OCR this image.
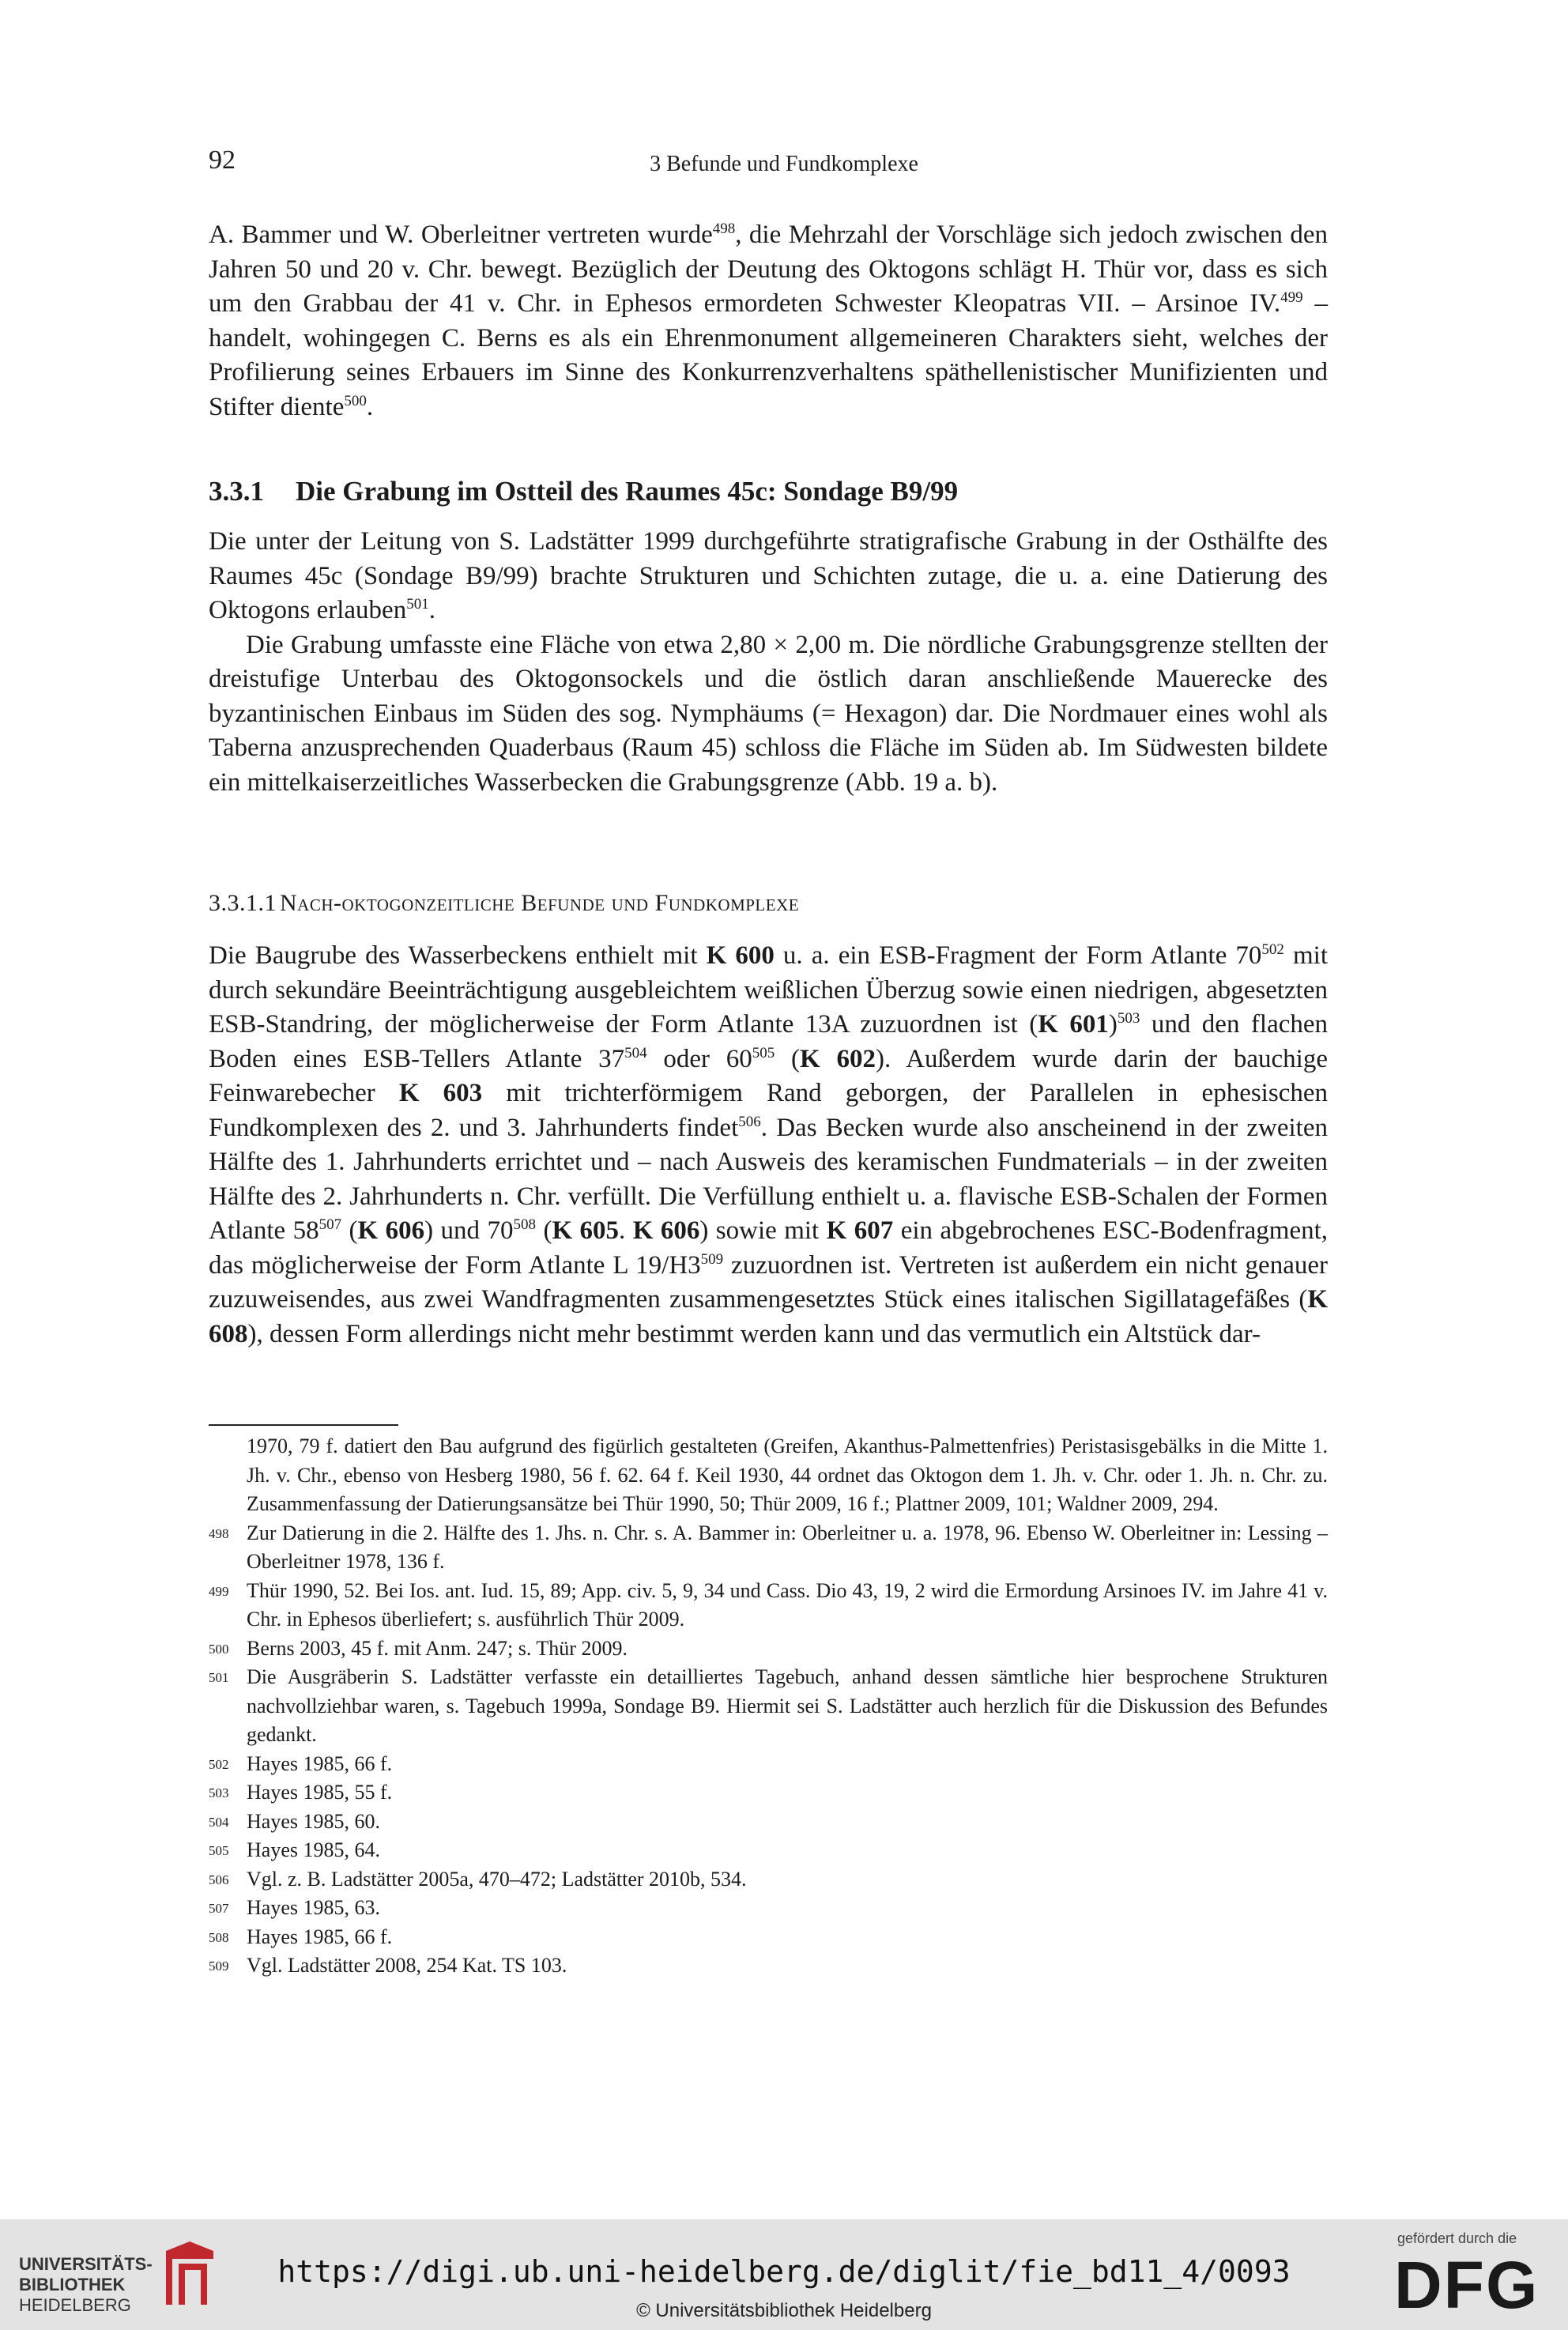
92	3 Befunde und Fundkomplexe
A. Bammer und W. Oberleitner vertreten wurde$^{498}$, die Mehrzahl der Vorschläge sich jedoch zwischen den Jahren 50 und 20 v. Chr. bewegt. Bezüglich der Deutung des Oktogons schlägt H. Thür vor, dass es sich um den Grabbau der 41 v. Chr. in Ephesos ermordeten Schwester Kleopatras VII. – Arsinoe IV.$^{499}$ – handelt, wohingegen C. Berns es als ein Ehrenmonument allgemeineren Charakters sieht, welches der Profilierung seines Erbauers im Sinne des Konkurrenzverhaltens späthellenistischer Munifizienten und Stifter diente$^{500}$.
3.3.1 Die Grabung im Ostteil des Raumes 45c: Sondage B9/99

Die unter der Leitung von S. Ladstätter 1999 durchgeführte stratigrafische Grabung in der Osthälfte des Raumes 45c (Sondage B9/99) brachte Strukturen und Schichten zutage, die u. a. eine Datierung des Oktogons erlauben$^{501}$.

Die Grabung umfasste eine Fläche von etwa 2,80 × 2,00 m. Die nördliche Grabungsgrenze stellten der dreistufige Unterbau des Oktogonsockels und die östlich daran anschließende Mauerecke des byzantinischen Einbaus im Süden des sog. Nymphäums (= Hexagon) dar. Die Nordmauer eines wohl als Taberna anzusprechenden Quaderbaus (Raum 45) schloss die Fläche im Süden ab. Im Südwesten bildete ein mittelkaiserzeitliches Wasserbecken die Grabungsgrenze (Abb. 19 a. b).

3.3.1.1 Nach-oktogonzeitliche Befunde und Fundkomplexe
Die Baugrube des Wasserbeckens enthielt mit K 600 u. a. ein ESB-Fragment der Form Atlante $70^{502}$ mit durch sekundäre Beeinträchtigung ausgebleichtem weißlichen Überzug sowie einen niedrigen, abgesetzten ESB-Standring, der möglicherweise der Form Atlante 13A zuzuordnen ist (K 601)$^{503}$ und den flachen Boden eines ESB-Tellers Atlante $37^{504}$ oder $60^{505}$ (K 602). Außerdem wurde darin der bauchige Feinwarebecher K 603 mit trichterförmigem Rand geborgen, der Parallelen in ephesischen Fundkomplexen des 2. und 3. Jahrhunderts findet$^{506}$. Das Becken wurde also anscheinend in der zweiten Hälfte des 1. Jahrhunderts errichtet und – nach Ausweis des keramischen Fundmaterials – in der zweiten Hälfte des 2. Jahrhunderts n. Chr. verfüllt. Die Verfüllung enthielt u. a. flavische ESB-Schalen der Formen Atlante $58^{507}$ (K 606) und $70^{508}$ (K 605. K 606) sowie mit K 607 ein abgebrochenes ESC-Bodenfragment, das möglicherweise der Form Atlante L $19/H3^{509}$ zuzuordnen ist. Vertreten ist außerdem ein nicht genauer zuzuweisendes, aus zwei Wandfragmenten zusammengesetztes Stück eines italischen Sigillatagefäßes (K 608), dessen Form allerdings nicht mehr bestimmt werden kann und das vermutlich ein Altstück dar-
1970, 79 f. datiert den Bau aufgrund des figürlich gestalteten (Greifen, Akanthus-Palmettenfries) Peristasisgebälks in die Mitte 1. Jh. v. Chr., ebenso von Hesberg 1980, 56 f. 62. 64 f. Keil 1930, 44 ordnet das Oktogon dem 1. Jh. v. Chr. oder 1. Jh. n. Chr. zu. Zusammenfassung der Datierungsansätze bei Thür 1990, 50; Thür 2009, 16 f.; Plattner 2009, 101; Waldner 2009, 294.
498 Zur Datierung in die 2. Hälfte des 1. Jhs. n. Chr. s. A. Bammer in: Oberleitner u. a. 1978, 96. Ebenso W. Oberleitner in: Lessing – Oberleitner 1978, 136 f.
499 Thür 1990, 52. Bei Ios. ant. Iud. 15, 89; App. civ. 5, 9, 34 und Cass. Dio 43, 19, 2 wird die Ermordung Arsinoes IV. im Jahre 41 v. Chr. in Ephesos überliefert; s. ausführlich Thür 2009.
500 Berns 2003, 45 f. mit Anm. 247; s. Thür 2009.
501 Die Ausgräberin S. Ladstätter verfasste ein detailliertes Tagebuch, anhand dessen sämtliche hier besprochene Strukturen nachvollziehbar waren, s. Tagebuch 1999a, Sondage B9. Hiermit sei S. Ladstätter auch herzlich für die Diskussion des Befundes gedankt.
502 Hayes 1985, 66 f.
503 Hayes 1985, 55 f.
504 Hayes 1985, 60.
505 Hayes 1985, 64.
506 Vgl. z. B. Ladstätter 2005a, 470–472; Ladstätter 2010b, 534.
507 Hayes 1985, 63.
508 Hayes 1985, 66 f.
509 Vgl. Ladstätter 2008, 254 Kat. TS 103.
UNIVERSITÄTS-
BIBLIOTHEK
HEIDELBERG
https://digi.ub.uni-heidelberg.de/diglit/fie_bd11_4/0093
© Universitätsbibliothek Heidelberg
gefördert durch die
DFG
